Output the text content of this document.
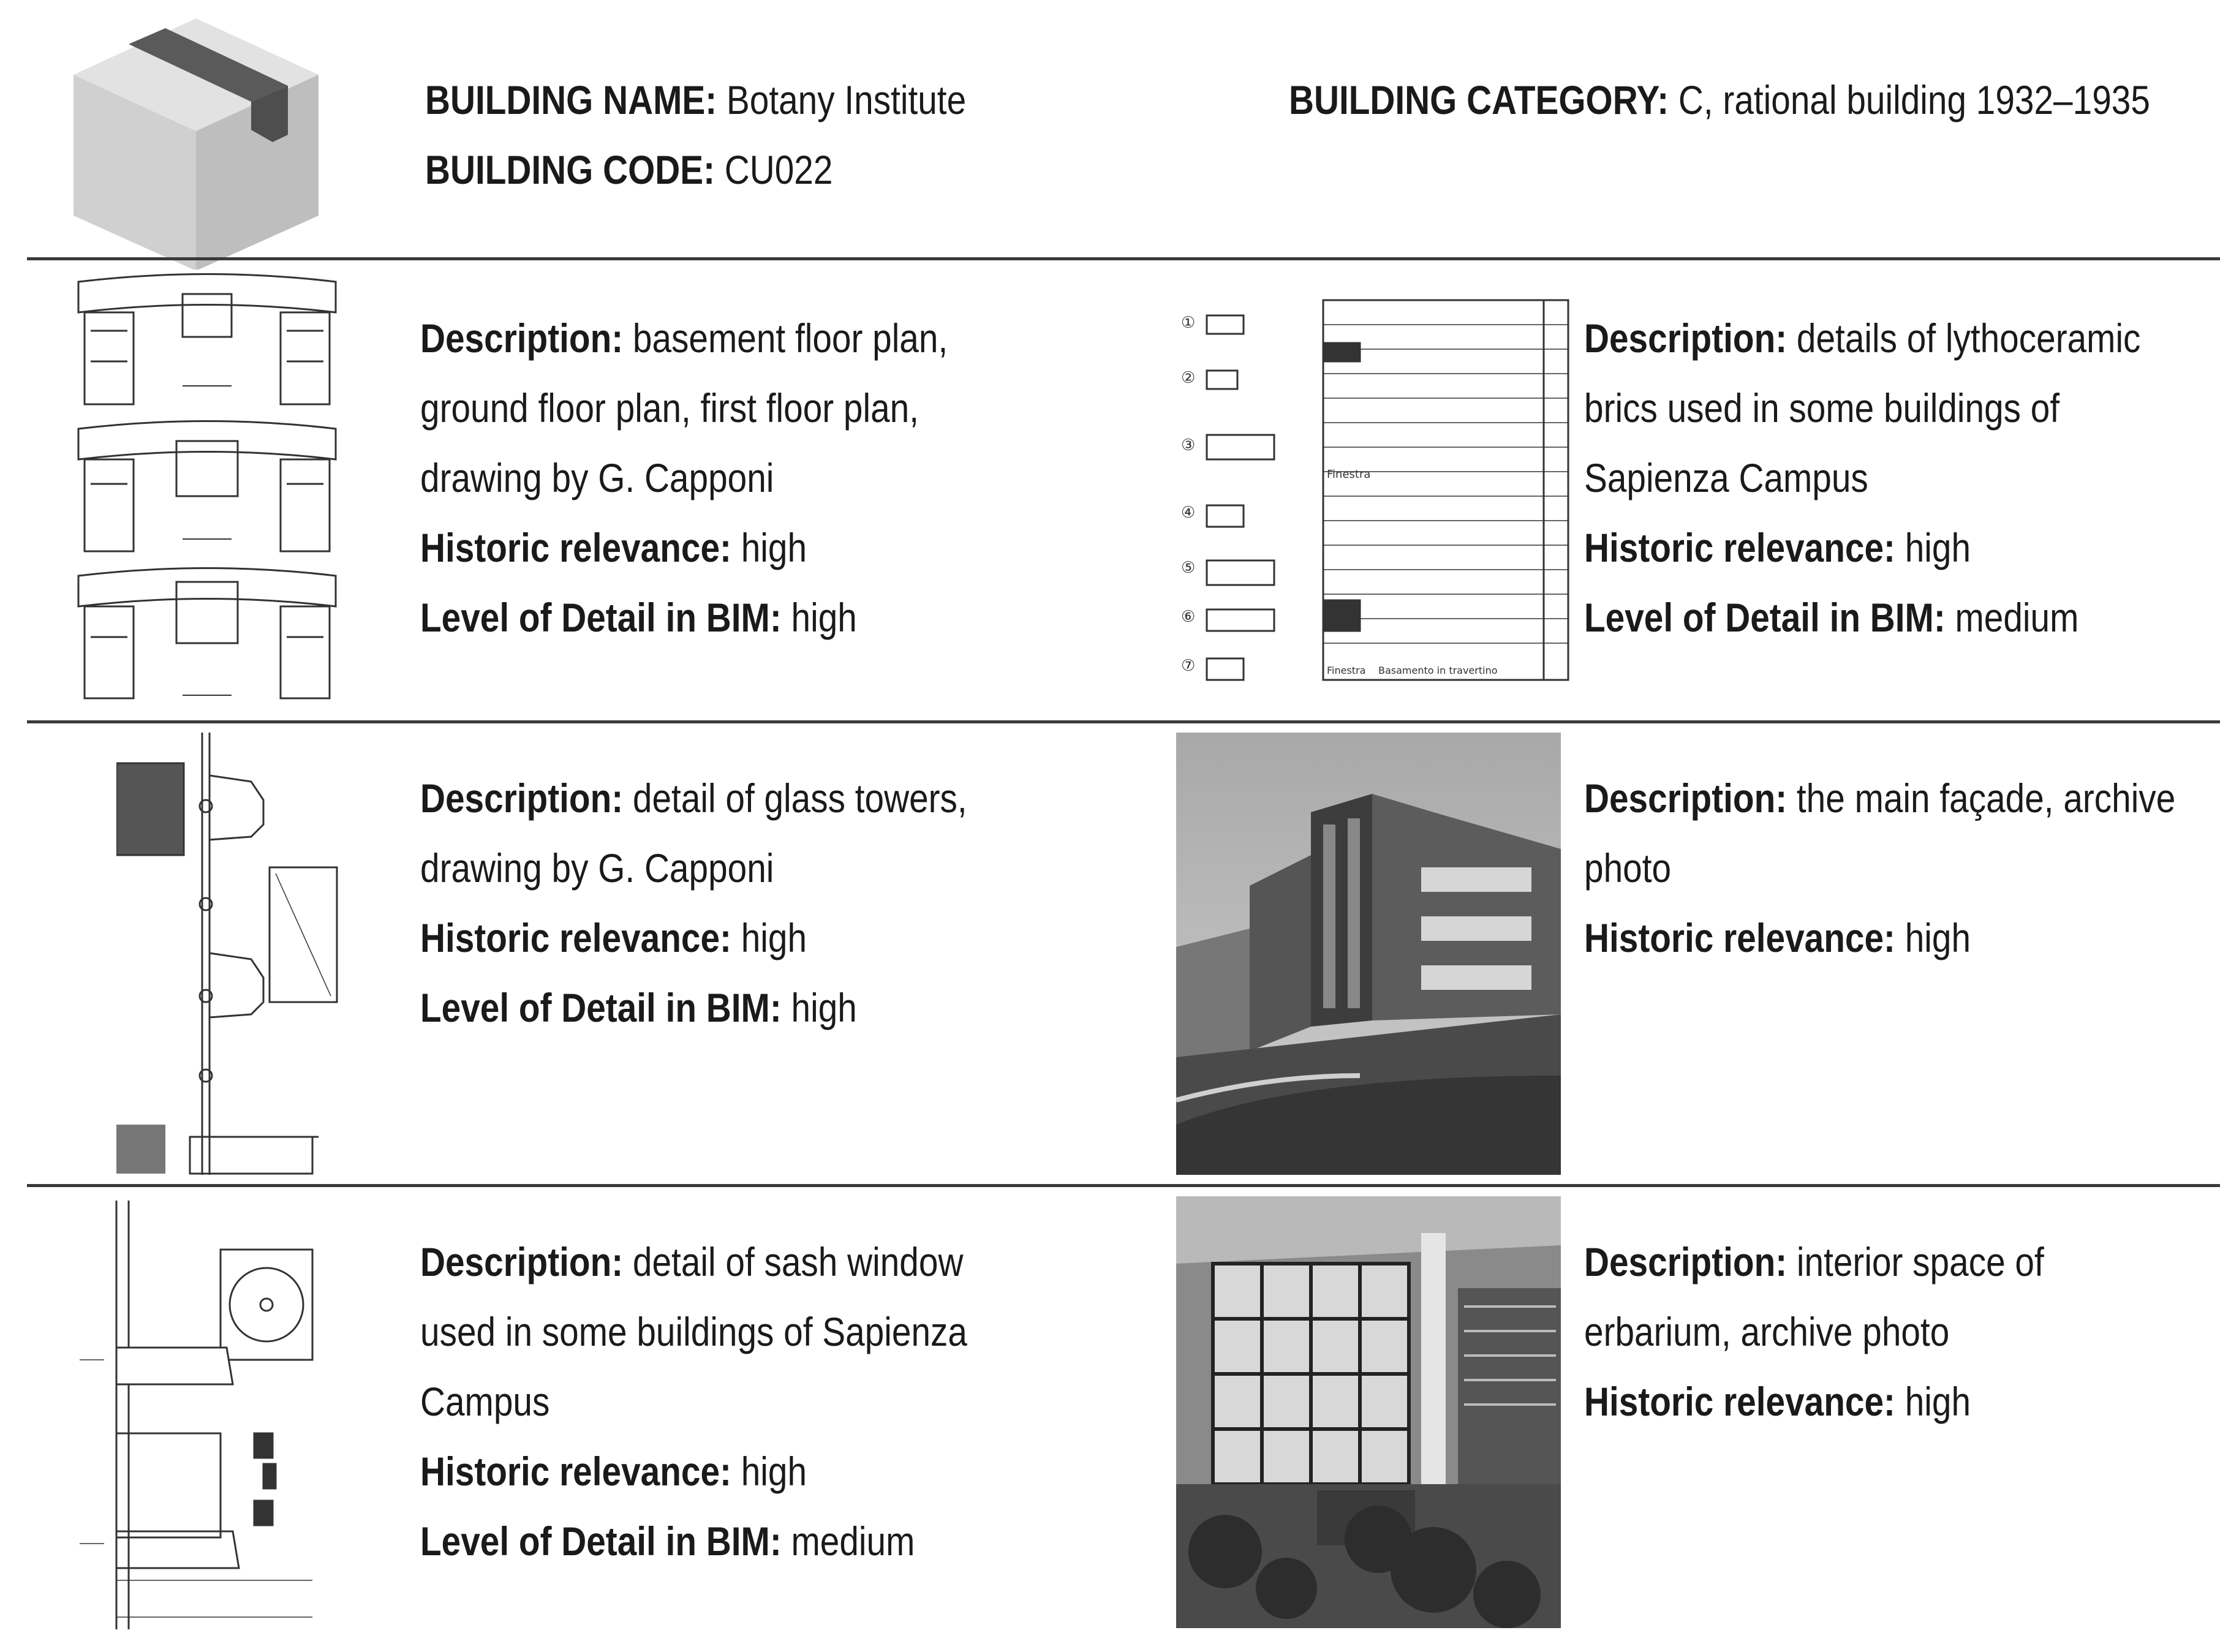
BUILDING NAME: Botany Institute
BUILDING CODE: CU022
BUILDING CATEGORY: C, rational building 1932–1935
Description: basement floor plan,
ground floor plan, first floor plan,
drawing by G. Capponi
Historic relevance: high
Level of Detail in BIM: high
①
②
③
④
⑤
⑥
⑦
Finestra
Finestra Basamento in travertino
Description: details of lythoceramic
brics used in some buildings of
Sapienza Campus
Historic relevance: high
Level of Detail in BIM: medium
Description: detail of glass towers,
drawing by G. Capponi
Historic relevance: high
Level of Detail in BIM: high
Description: the main façade, archive
photo
Historic relevance: high
Description: detail of sash window
used in some buildings of Sapienza
Campus
Historic relevance: high
Level of Detail in BIM: medium
Description: interior space of
erbarium, archive photo
Historic relevance: high
